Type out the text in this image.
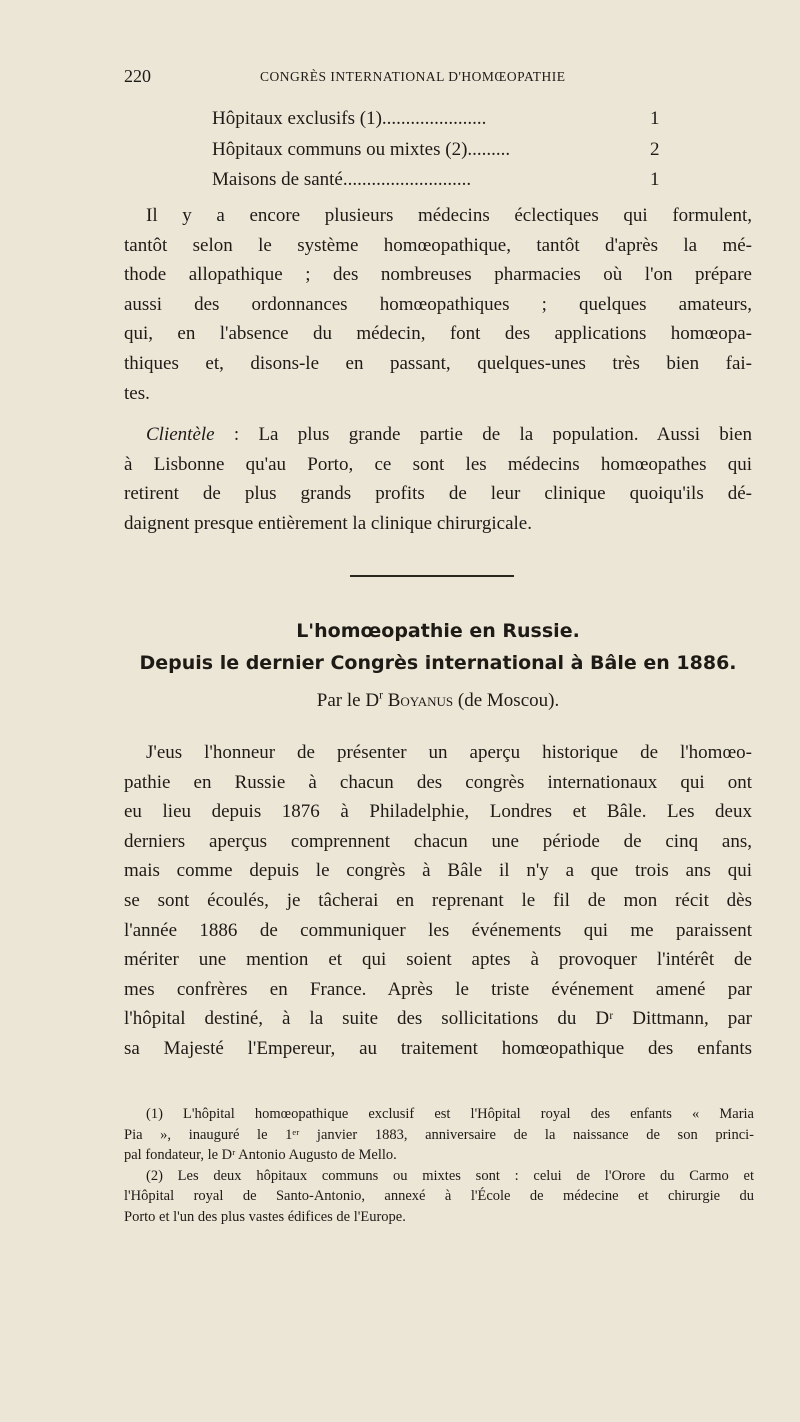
220	CONGRÈS INTERNATIONAL D'HOMŒOPATHIE
Hôpitaux exclusifs (1)......................	1
Hôpitaux communs ou mixtes (2).........	2
Maisons de santé...........................	1
Il y a encore plusieurs médecins éclectiques qui formulent,
tantôt selon le système homœopathique, tantôt d'après la mé-
thode allopathique ; des nombreuses pharmacies où l'on prépare
aussi des ordonnances homœopathiques ; quelques amateurs,
qui, en l'absence du médecin, font des applications homœopa-
thiques et, disons-le en passant, quelques-unes très bien fai-
tes.
Clientèle : La plus grande partie de la population. Aussi bien
à Lisbonne qu'au Porto, ce sont les médecins homœopathes qui
retirent de plus grands profits de leur clinique quoiqu'ils dé-
daignent presque entièrement la clinique chirurgicale.
L'homœopathie en Russie.
Depuis le dernier Congrès international à Bâle en 1886.
Par le $D^r$ Boyanus (de Moscou).
J'eus l'honneur de présenter un aperçu historique de l'homœo-
pathie en Russie à chacun des congrès internationaux qui ont
eu lieu depuis 1876 à Philadelphie, Londres et Bâle. Les deux
derniers aperçus comprennent chacun une période de cinq ans,
mais comme depuis le congrès à Bâle il n'y a que trois ans qui
se sont écoulés, je tâcherai en reprenant le fil de mon récit dès
l'année 1886 de communiquer les événements qui me paraissent
mériter une mention et qui soient aptes à provoquer l'intérêt de
mes confrères en France. Après le triste événement amené par
l'hôpital destiné, à la suite des sollicitations du Dʳ Dittmann, par
sa Majesté l'Empereur, au traitement homœopathique des enfants
(1) L'hôpital homœopathique exclusif est l'Hôpital royal des enfants « Maria
Pia », inauguré le 1ᵉʳ janvier 1883, anniversaire de la naissance de son princi-
pal fondateur, le Dʳ Antonio Augusto de Mello.
(2) Les deux hôpitaux communs ou mixtes sont : celui de l'Orore du Carmo et
l'Hôpital royal de Santo-Antonio, annexé à l'École de médecine et chirurgie du
Porto et l'un des plus vastes édifices de l'Europe.
